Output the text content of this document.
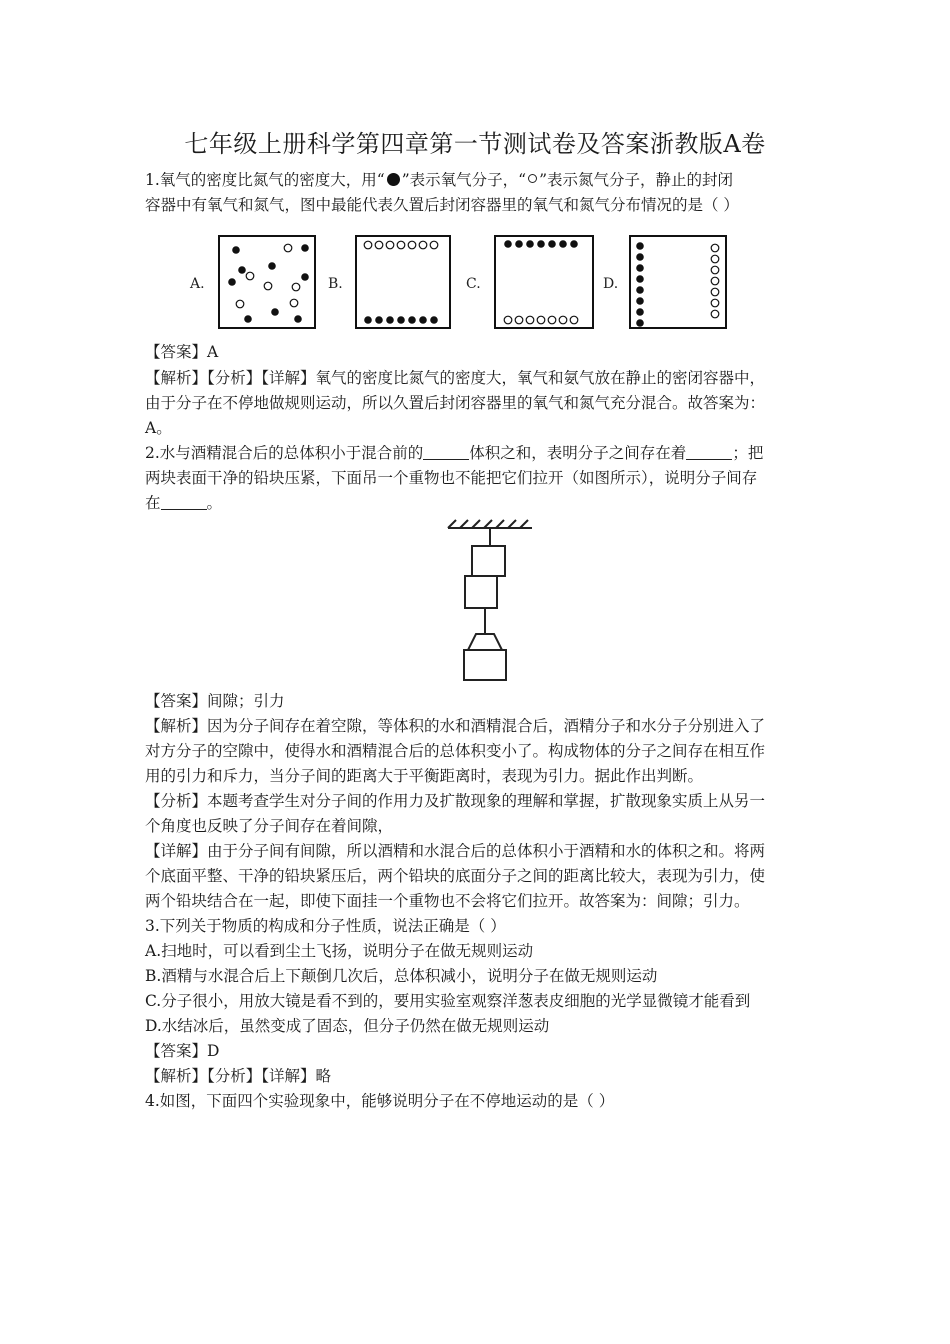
七年级上册科学第四章第一节测试卷及答案浙教版A卷
1.氧气的密度比氮气的密度大，用“ ”表示氧气分子，“ ”表示氮气分子，静止的封闭
容器中有氧气和氮气，图中最能代表久置后封闭容器里的氧气和氮气分布情况的是（ ）
A.	B.	C.	D.
【答案】A
【解析】【分析】【详解】氧气的密度比氮气的密度大，氧气和氨气放在静止的密闭容器中，
由于分子在不停地做规则运动，所以久置后封闭容器里的氧气和氮气充分混合。故答案为：
A。
2.水与酒精混合后的总体积小于混合前的	体积之和，表明分子之间存在着	；把
两块表面干净的铅块压紧，下面吊一个重物也不能把它们拉开（如图所示），说明分子间存
在	。
【答案】间隙；引力
【解析】因为分子间存在着空隙，等体积的水和酒精混合后，酒精分子和水分子分别进入了
对方分子的空隙中，使得水和酒精混合后的总体积变小了。构成物体的分子之间存在相互作
用的引力和斥力，当分子间的距离大于平衡距离时，表现为引力。据此作出判断。
【分析】本题考查学生对分子间的作用力及扩散现象的理解和掌握，扩散现象实质上从另一
个角度也反映了分子间存在着间隙，
【详解】由于分子间有间隙，所以酒精和水混合后的总体积小于酒精和水的体积之和。将两
个底面平整、干净的铅块紧压后，两个铅块的底面分子之间的距离比较大，表现为引力，使
两个铅块结合在一起，即使下面挂一个重物也不会将它们拉开。故答案为：间隙；引力。
3.下列关于物质的构成和分子性质，说法正确是（ ）
A.扫地时，可以看到尘土飞扬，说明分子在做无规则运动
B.酒精与水混合后上下颠倒几次后，总体积减小，说明分子在做无规则运动
C.分子很小，用放大镜是看不到的，要用实验室观察洋葱表皮细胞的光学显微镜才能看到
D.水结冰后，虽然变成了固态，但分子仍然在做无规则运动
【答案】D
【解析】【分析】【详解】略
4.如图，下面四个实验现象中，能够说明分子在不停地运动的是（ ）
